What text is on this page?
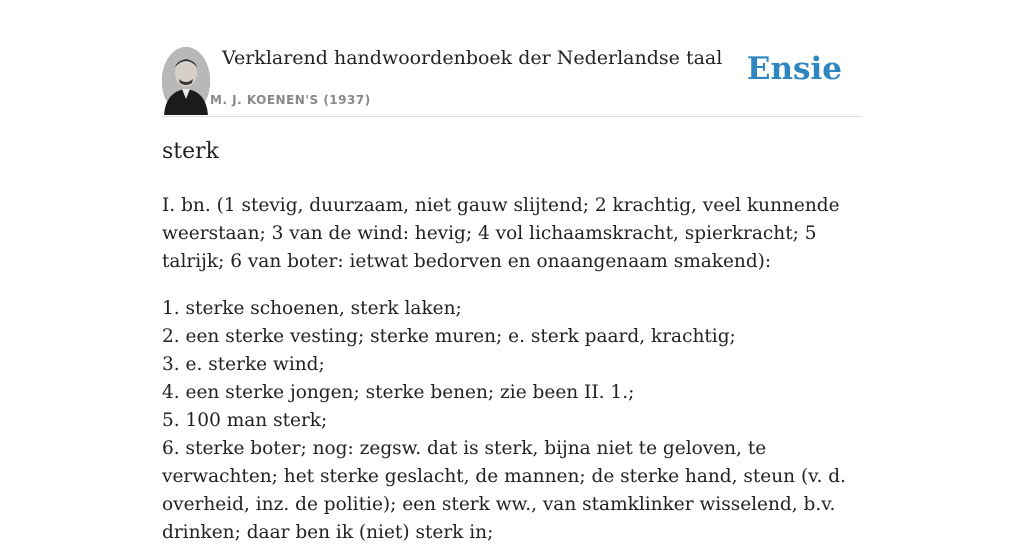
Verklarend handwoordenboek der Nederlandse taal
M. J. KOENEN'S (1937)
Ensie
sterk

I. bn. (1 stevig, duurzaam, niet gauw slijtend; 2 krachtig, veel kunnende weerstaan; 3 van de wind: hevig; 4 vol lichaamskracht, spierkracht; 5 talrijk; 6 van boter: ietwat bedorven en onaangenaam smakend):

1. sterke schoenen, sterk laken;

2. een sterke vesting; sterke muren; e. sterk paard, krachtig;

3. e. sterke wind;

4. een sterke jongen; sterke benen; zie been II. 1.;

5. 100 man sterk;

6. sterke boter; nog: zegsw. dat is sterk, bijna niet te geloven, te verwachten; het sterke geslacht, de mannen; de sterke hand, steun (v. d. overheid, inz. de politie); een sterk ww., van stamklinker wisselend, b.v. drinken; daar ben ik (niet) sterk in;
